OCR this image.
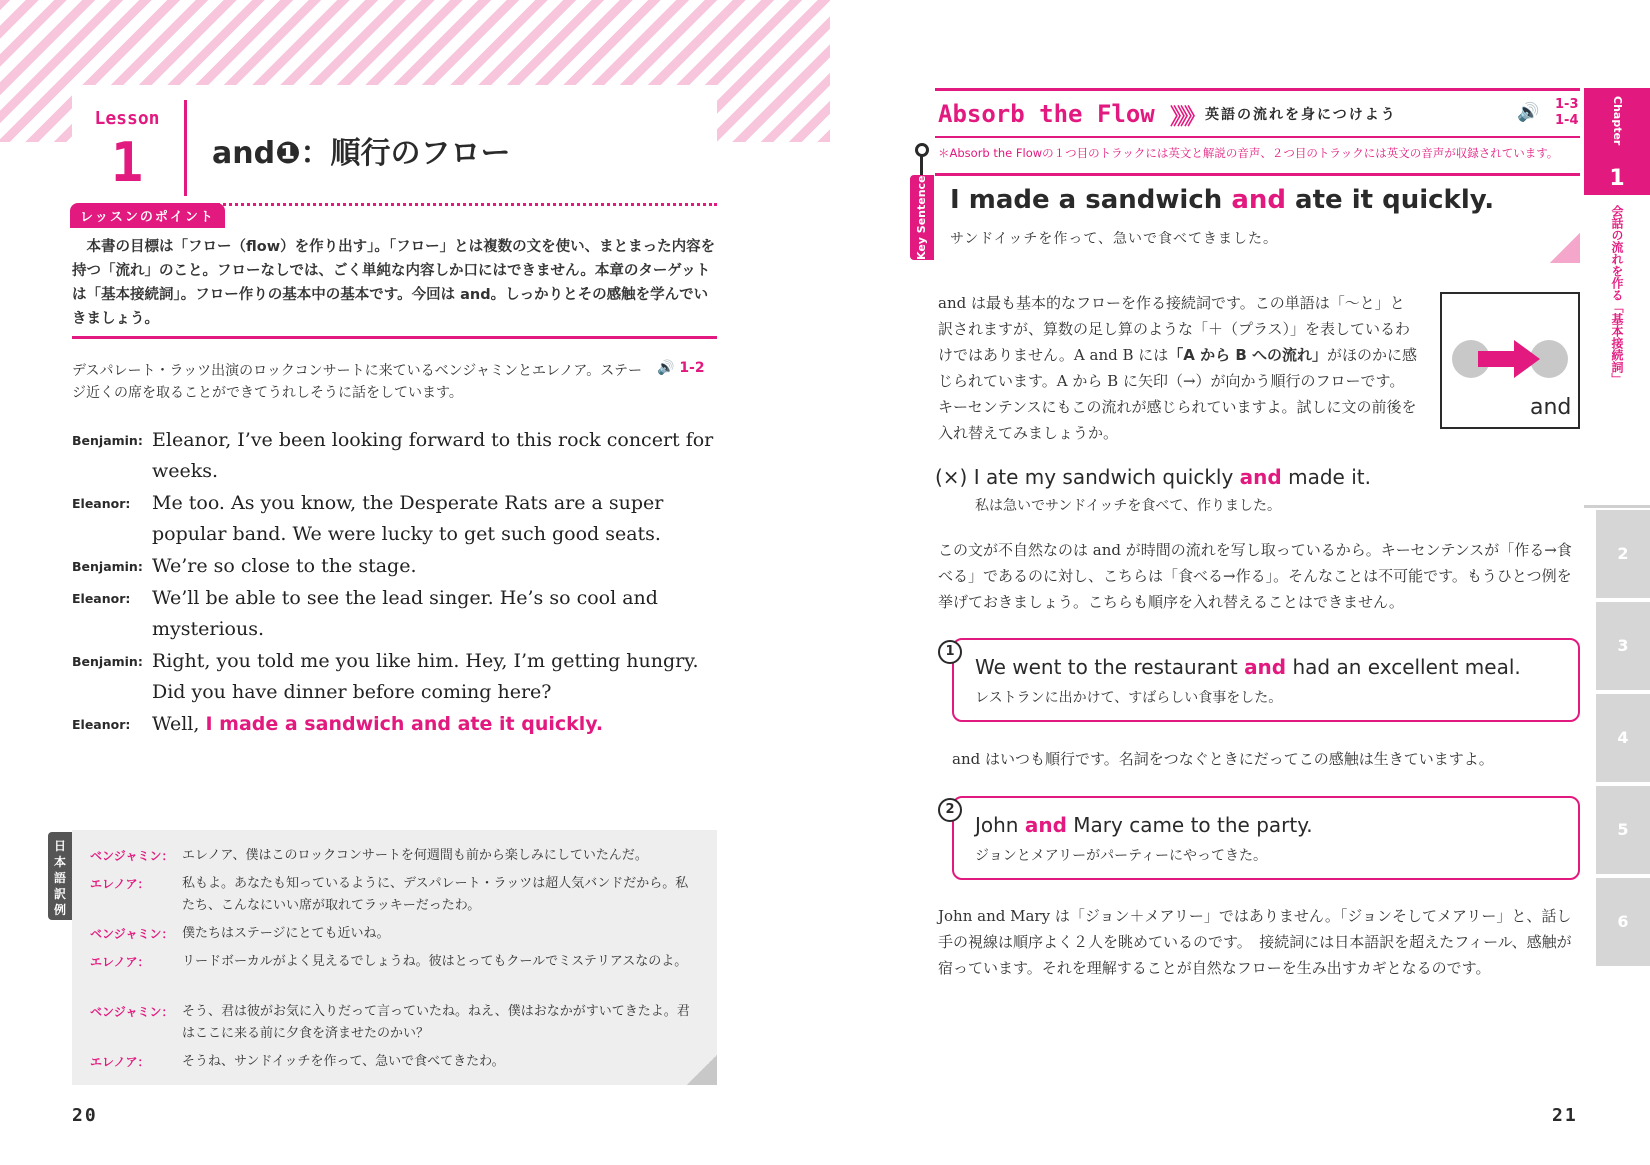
Lesson
1	and❶：順行のフロー
レッスンのポイント
本書の目標は「フロー（flow）を作り出す」。「フロー」とは複数の文を使い、まとまった内容を持つ「流れ」のこと。フローなしでは、ごく単純な内容しか口にはできません。本章のターゲットは「基本接続詞」。フロー作りの基本中の基本です。今回は and。しっかりとその感触を学んでいきましょう。
デスパレート・ラッツ出演のロックコンサートに来ているベンジャミンとエレノア。ステージ近くの席を取ることができてうれしそうに話をしています。
🔊 1-2
Benjamin: Eleanor, I’ve been looking forward to this rock concert for weeks.
Eleanor:	Me too. As you know, the Desperate Rats are a super popular band. We were lucky to get such good seats.
Benjamin: We’re so close to the stage.
Eleanor:	We’ll be able to see the lead singer. He’s so cool and mysterious.
Benjamin: Right, you told me you like him. Hey, I’m getting hungry. Did you have dinner before coming here?
Eleanor:	Well, I made a sandwich and ate it quickly.
日本語訳例
ベンジャミン： エレノア、僕はこのロックコンサートを何週間も前から楽しみにしていたんだ。
エレノア：	私もよ。あなたも知っているように、デスパレート・ラッツは超人気バンドだから。私たち、こんなにいい席が取れてラッキーだったわ。
ベンジャミン： 僕たちはステージにとても近いね。
エレノア：	リードボーカルがよく見えるでしょうね。彼はとってもクールでミステリアスなのよ。
ベンジャミン： そう、君は彼がお気に入りだって言っていたね。ねえ、僕はおなかがすいてきたよ。君はここに来る前に夕食を済ませたのかい？
エレノア：	そうね、サンドイッチを作って、急いで食べてきたわ。
20
Absorb the Flow 》》》 英語の流れを身につけよう	🔊 1-3
1-4
＊Absorb the Flowの１つ目のトラックには英文と解説の音声、２つ目のトラックには英文の音声が収録されています。
Key Sentence I made a sandwich and ate it quickly.
サンドイッチを作って、急いで食べてきました。
and は最も基本的なフローを作る接続詞です。この単語は「〜と」と訳されますが、算数の足し算のような「＋（プラス）」を表しているわけではありません。A and B には「A から B への流れ」がほのかに感じられています。A から B に矢印（→）が向かう順行のフローです。キーセンテンスにもこの流れが感じられていますよ。試しに文の前後を入れ替えてみましょうか。
and
(×) I ate my sandwich quickly and made it.
私は急いでサンドイッチを食べて、作りました。
この文が不自然なのは and が時間の流れを写し取っているから。キーセンテンスが「作る→食べる」であるのに対し、こちらは「食べる→作る」。そんなことは不可能です。もうひとつ例を挙げておきましょう。こちらも順序を入れ替えることはできません。
1
We went to the restaurant and had an excellent meal.
レストランに出かけて、すばらしい食事をした。
and はいつも順行です。名詞をつなぐときにだってこの感触は生きていますよ。
2
John and Mary came to the party.
ジョンとメアリーがパーティーにやってきた。
John and Mary は「ジョン＋メアリー」ではありません。「ジョンそしてメアリー」と、話し手の視線は順序よく２人を眺めているのです。　接続詞には日本語訳を超えたフィール、感触が宿っています。それを理解することが自然なフローを生み出すカギとなるのです。
21
Chapter
1
会話の流れを作る「基本接続詞」
2
3
4
5
6
